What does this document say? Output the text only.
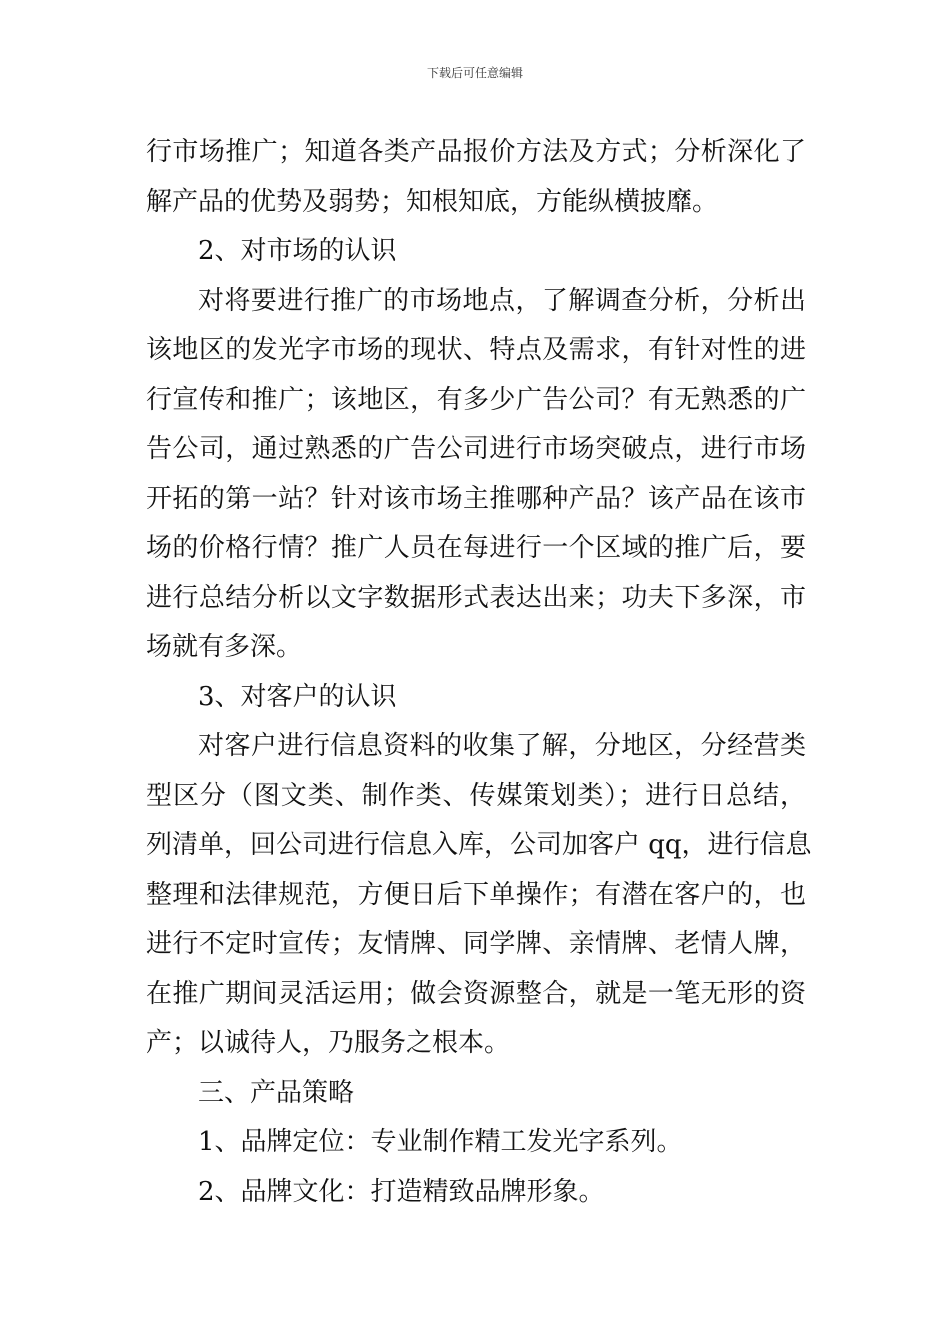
下载后可任意编辑
行市场推广；知道各类产品报价方法及方式；分析深化了
解产品的优势及弱势；知根知底，方能纵横披靡。
2、对市场的认识
对将要进行推广的市场地点，了解调查分析，分析出
该地区的发光字市场的现状、特点及需求，有针对性的进
行宣传和推广；该地区，有多少广告公司？有无熟悉的广
告公司，通过熟悉的广告公司进行市场突破点，进行市场
开拓的第一站？针对该市场主推哪种产品？该产品在该市
场的价格行情？推广人员在每进行一个区域的推广后，要
进行总结分析以文字数据形式表达出来；功夫下多深，市
场就有多深。
3、对客户的认识
对客户进行信息资料的收集了解，分地区，分经营类
型区分（图文类、制作类、传媒策划类）；进行日总结，
列清单，回公司进行信息入库，公司加客户 qq，进行信息
整理和法律规范，方便日后下单操作；有潜在客户的，也
进行不定时宣传；友情牌、同学牌、亲情牌、老情人牌，
在推广期间灵活运用；做会资源整合，就是一笔无形的资
产；以诚待人，乃服务之根本。
三、产品策略
1、品牌定位：专业制作精工发光字系列。
2、品牌文化：打造精致品牌形象。
